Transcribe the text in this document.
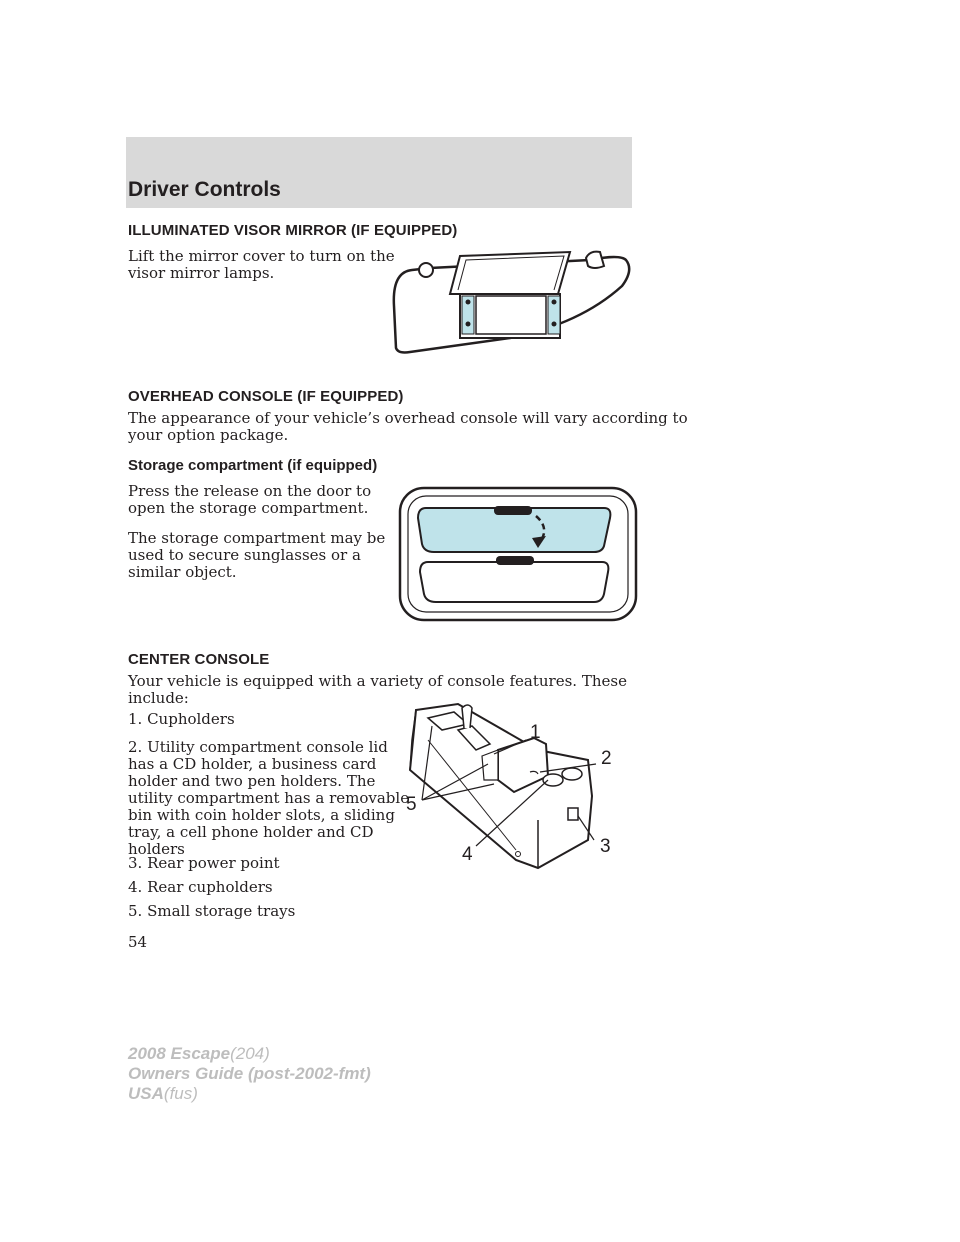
Driver Controls
ILLUMINATED VISOR MIRROR (IF EQUIPPED)
Lift the mirror cover to turn on the
visor mirror lamps.
OVERHEAD CONSOLE (IF EQUIPPED)
The appearance of your vehicle’s overhead console will vary according to
your option package.
Storage compartment (if equipped)
Press the release on the door to
open the storage compartment.
The storage compartment may be
used to secure sunglasses or a
similar object.
CENTER CONSOLE
Your vehicle is equipped with a variety of console features. These
include:
1. Cupholders
2. Utility compartment console lid
has a CD holder, a business card
holder and two pen holders. The
utility compartment has a removable
bin with coin holder slots, a sliding
tray, a cell phone holder and CD
holders
3. Rear power point
4. Rear cupholders
5. Small storage trays
1
2
3
4
5
54
2008 Escape(204)
Owners Guide (post-2002-fmt)
USA(fus)
